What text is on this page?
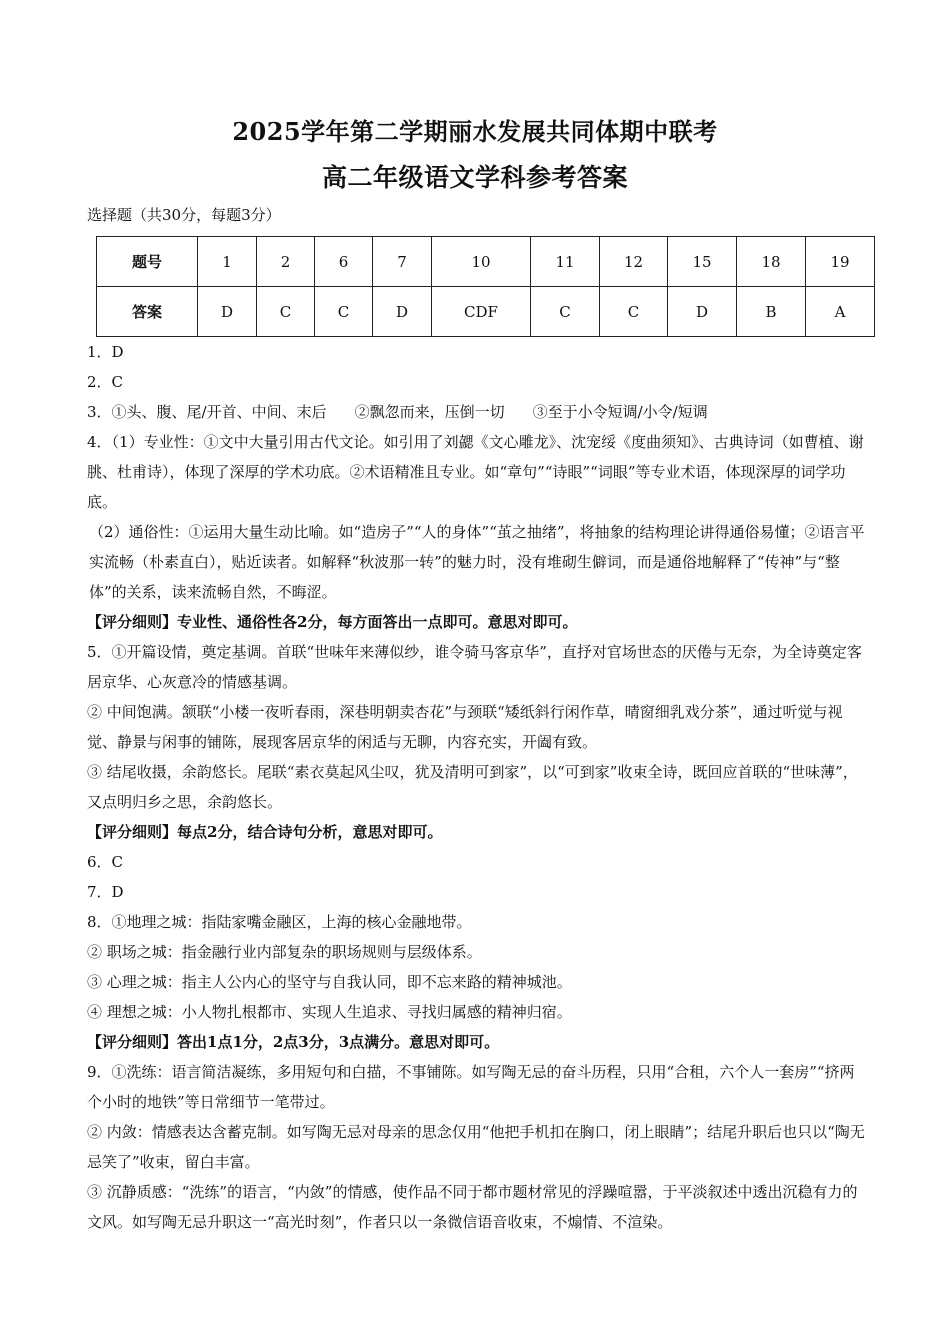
2025学年第二学期丽水发展共同体期中联考
高二年级语文学科参考答案
选择题（共30分，每题3分）
题号	1	2	6	7	10	11	12	15	18	19
答案	D	C	C	D	CDF	C	C	D	B	A

1．D

2．C

3．①头、腹、尾/开首、中间、末后 ②飘忽而来，压倒一切 ③至于小令短调/小令/短调

4．（1）专业性：①文中大量引用古代文论。如引用了刘勰《文心雕龙》、沈宠绥《度曲须知》、古典诗词（如曹植、谢朓、杜甫诗），体现了深厚的学术功底。②术语精准且专业。如“章句”“诗眼”“词眼”等专业术语，体现深厚的词学功底。

（2）通俗性：①运用大量生动比喻。如“造房子”“人的身体”“茧之抽绪”，将抽象的结构理论讲得通俗易懂；②语言平实流畅（朴素直白），贴近读者。如解释“秋波那一转”的魅力时，没有堆砌生僻词，而是通俗地解释了“传神”与“整体”的关系，读来流畅自然，不晦涩。

【评分细则】专业性、通俗性各2分，每方面答出一点即可。意思对即可。

5．①开篇设情，奠定基调。首联“世味年来薄似纱，谁令骑马客京华”，直抒对官场世态的厌倦与无奈，为全诗奠定客居京华、心灰意冷的情感基调。

② 中间饱满。颔联“小楼一夜听春雨，深巷明朝卖杏花”与颈联“矮纸斜行闲作草，晴窗细乳戏分茶”，通过听觉与视觉、静景与闲事的铺陈，展现客居京华的闲适与无聊，内容充实，开阖有致。

③ 结尾收摄，余韵悠长。尾联“素衣莫起风尘叹，犹及清明可到家”，以“可到家”收束全诗，既回应首联的“世味薄”，又点明归乡之思，余韵悠长。

【评分细则】每点2分，结合诗句分析，意思对即可。

6．C

7．D

8．①地理之城：指陆家嘴金融区，上海的核心金融地带。

② 职场之城：指金融行业内部复杂的职场规则与层级体系。

③ 心理之城：指主人公内心的坚守与自我认同，即不忘来路的精神城池。

④ 理想之城：小人物扎根都市、实现人生追求、寻找归属感的精神归宿。

【评分细则】答出1点1分，2点3分，3点满分。意思对即可。

9．①洗练：语言简洁凝练，多用短句和白描，不事铺陈。如写陶无忌的奋斗历程，只用“合租，六个人一套房”“挤两个小时的地铁”等日常细节一笔带过。

② 内敛：情感表达含蓄克制。如写陶无忌对母亲的思念仅用“他把手机扣在胸口，闭上眼睛”；结尾升职后也只以“陶无忌笑了”收束，留白丰富。

③ 沉静质感：“洗练”的语言，“内敛”的情感，使作品不同于都市题材常见的浮躁喧嚣，于平淡叙述中透出沉稳有力的文风。如写陶无忌升职这一“高光时刻”，作者只以一条微信语音收束，不煽情、不渲染。
